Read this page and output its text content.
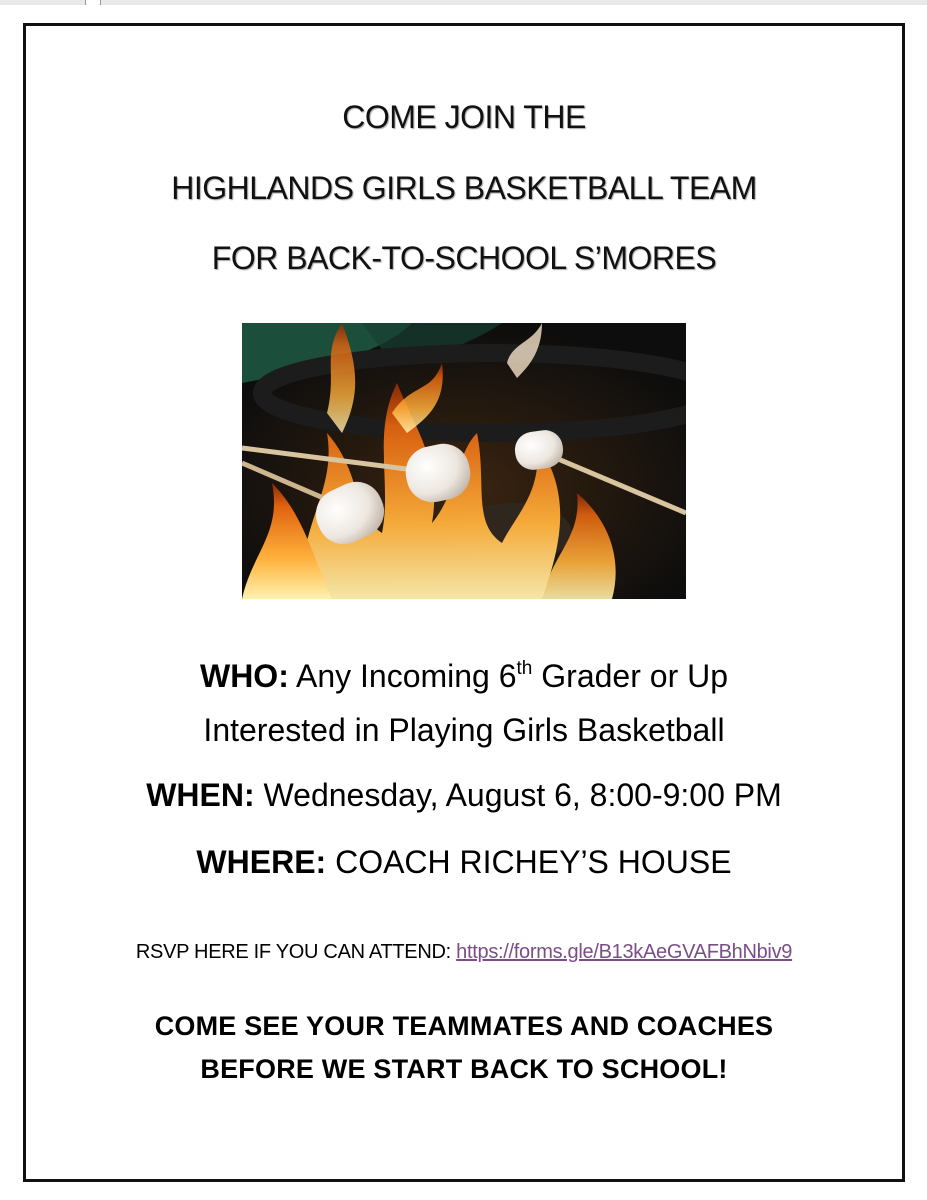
COME JOIN THE
HIGHLANDS GIRLS BASKETBALL TEAM
FOR BACK-TO-SCHOOL S’MORES
WHO: Any Incoming 6th Grader or Up
Interested in Playing Girls Basketball
WHEN: Wednesday, August 6, 8:00-9:00 PM
WHERE: COACH RICHEY’S HOUSE
RSVP HERE IF YOU CAN ATTEND: https://forms.gle/B13kAeGVAFBhNbiv9
COME SEE YOUR TEAMMATES AND COACHES
BEFORE WE START BACK TO SCHOOL!
